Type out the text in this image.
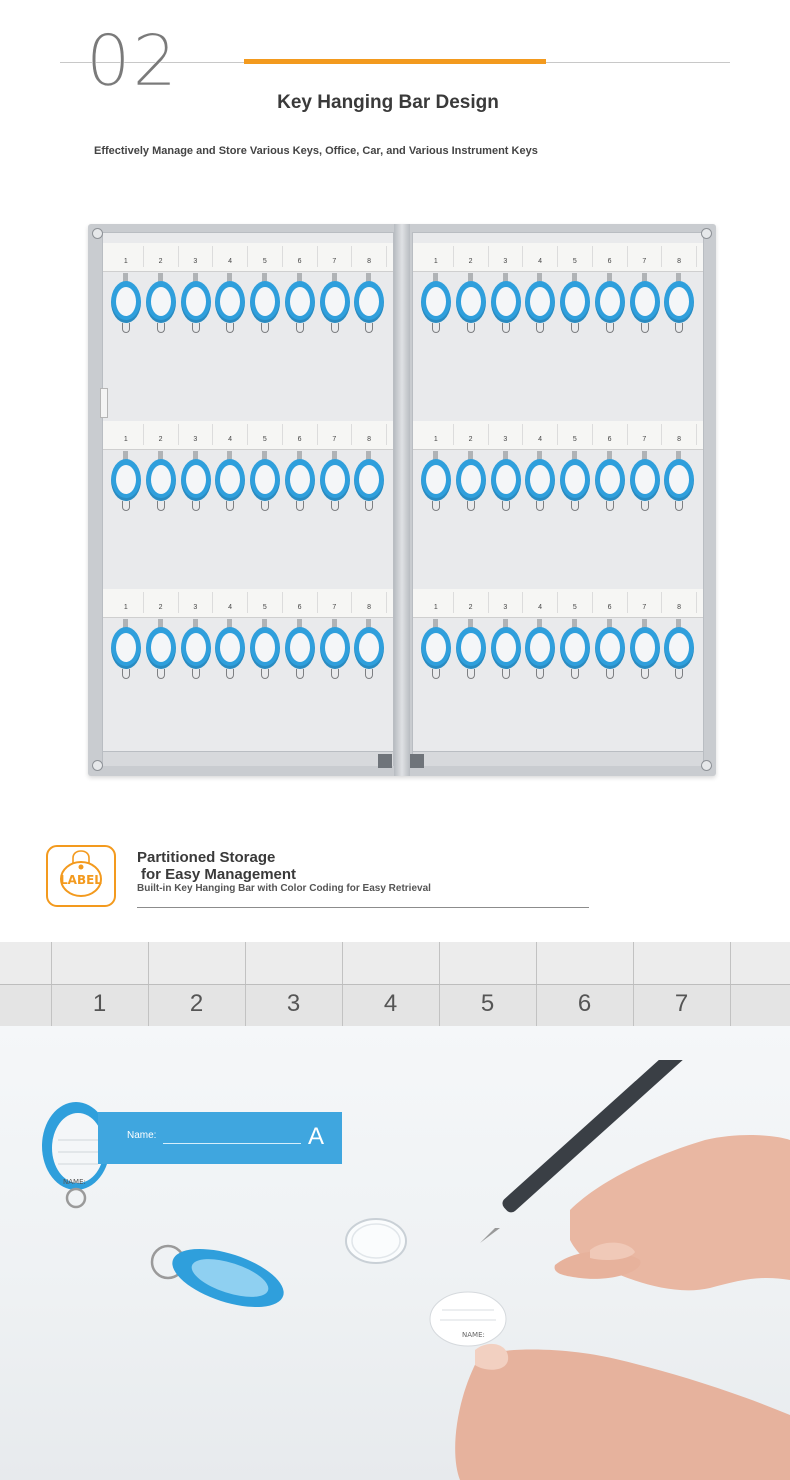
02
Key Hanging Bar Design
Effectively Manage and Store Various Keys, Office, Car, and Various Instrument Keys
1	2	3	4	5	6	7	8
1	2	3	4	5	6	7	8
1	2	3	4	5	6	7	8
1	2	3	4	5	6	7	8
1	2	3	4	5	6	7	8
1	2	3	4	5	6	7	8
LABEL
Partitioned Storage
for Easy Management
Built-in Key Hanging Bar with Color Coding for Easy Retrieval
1	2	3	4	5	6	7
NAME:
Name:	A
NAME:
